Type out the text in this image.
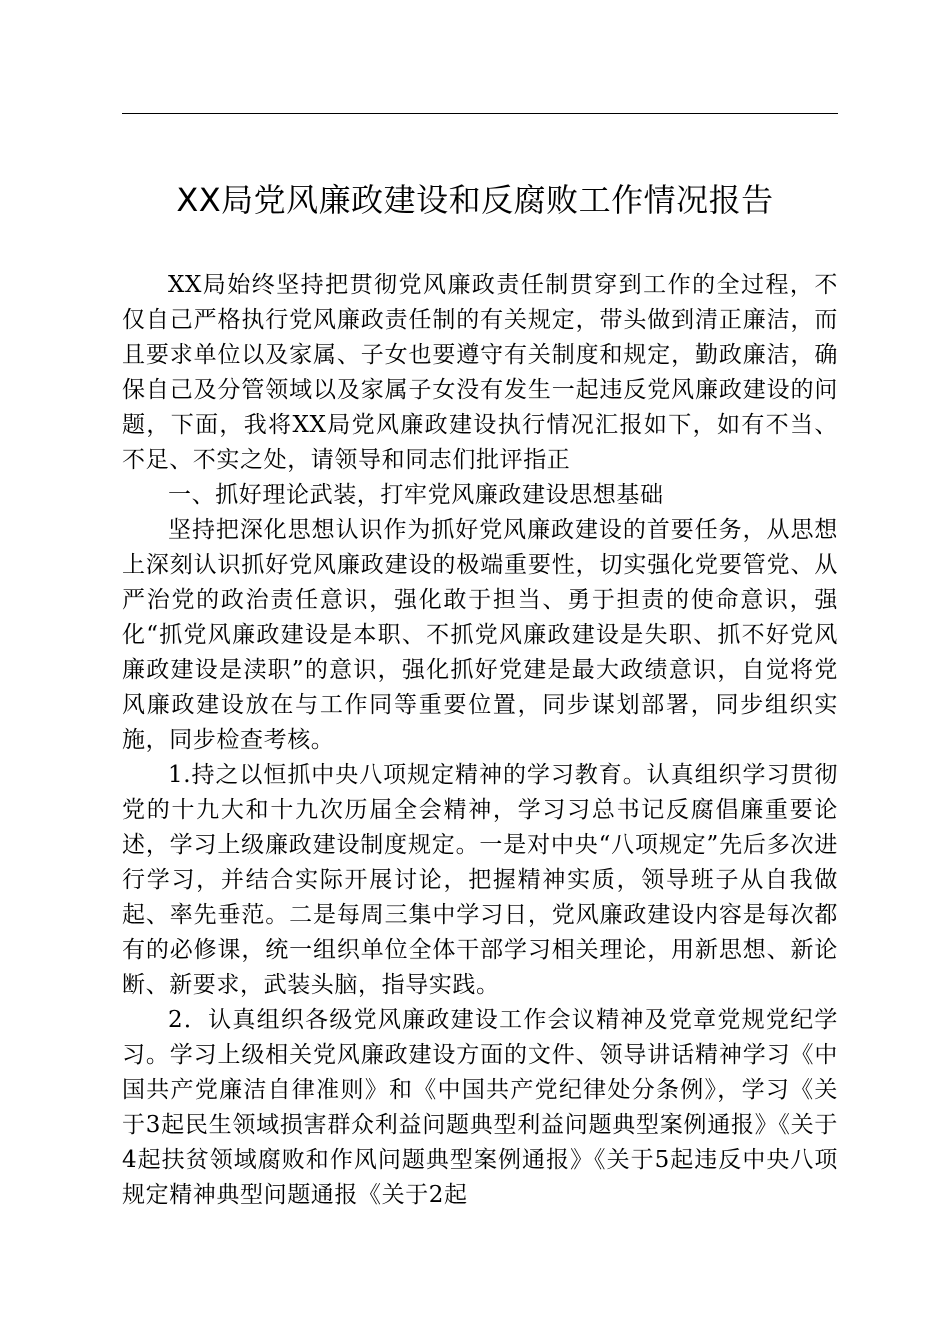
XX局党风廉政建设和反腐败工作情况报告

XX局始终坚持把贯彻党风廉政责任制贯穿到工作的全过程，不仅自己严格执行党风廉政责任制的有关规定，带头做到清正廉洁，而且要求单位以及家属、子女也要遵守有关制度和规定，勤政廉洁，确保自己及分管领域以及家属子女没有发生一起违反党风廉政建设的问题，下面，我将XX局党风廉政建设执行情况汇报如下，如有不当、不足、不实之处，请领导和同志们批评指正

一、抓好理论武装，打牢党风廉政建设思想基础

坚持把深化思想认识作为抓好党风廉政建设的首要任务，从思想上深刻认识抓好党风廉政建设的极端重要性，切实强化党要管党、从严治党的政治责任意识，强化敢于担当、勇于担责的使命意识，强化“抓党风廉政建设是本职、不抓党风廉政建设是失职、抓不好党风廉政建设是渎职”的意识，强化抓好党建是最大政绩意识，自觉将党风廉政建设放在与工作同等重要位置，同步谋划部署，同步组织实施，同步检查考核。

1.持之以恒抓中央八项规定精神的学习教育。认真组织学习贯彻党的十九大和十九次历届全会精神，学习习总书记反腐倡廉重要论述，学习上级廉政建设制度规定。一是对中央“八项规定”先后多次进行学习，并结合实际开展讨论，把握精神实质，领导班子从自我做起、率先垂范。二是每周三集中学习日，党风廉政建设内容是每次都有的必修课，统一组织单位全体干部学习相关理论，用新思想、新论断、新要求，武装头脑，指导实践。

2．认真组织各级党风廉政建设工作会议精神及党章党规党纪学习。学习上级相关党风廉政建设方面的文件、领导讲话精神学习《中国共产党廉洁自律准则》和《中国共产党纪律处分条例》，学习《关于3起民生领域损害群众利益问题典型利益问题典型案例通报》《关于4起扶贫领域腐败和作风问题典型案例通报》《关于5起违反中央八项规定精神典型问题通报《关于2起
